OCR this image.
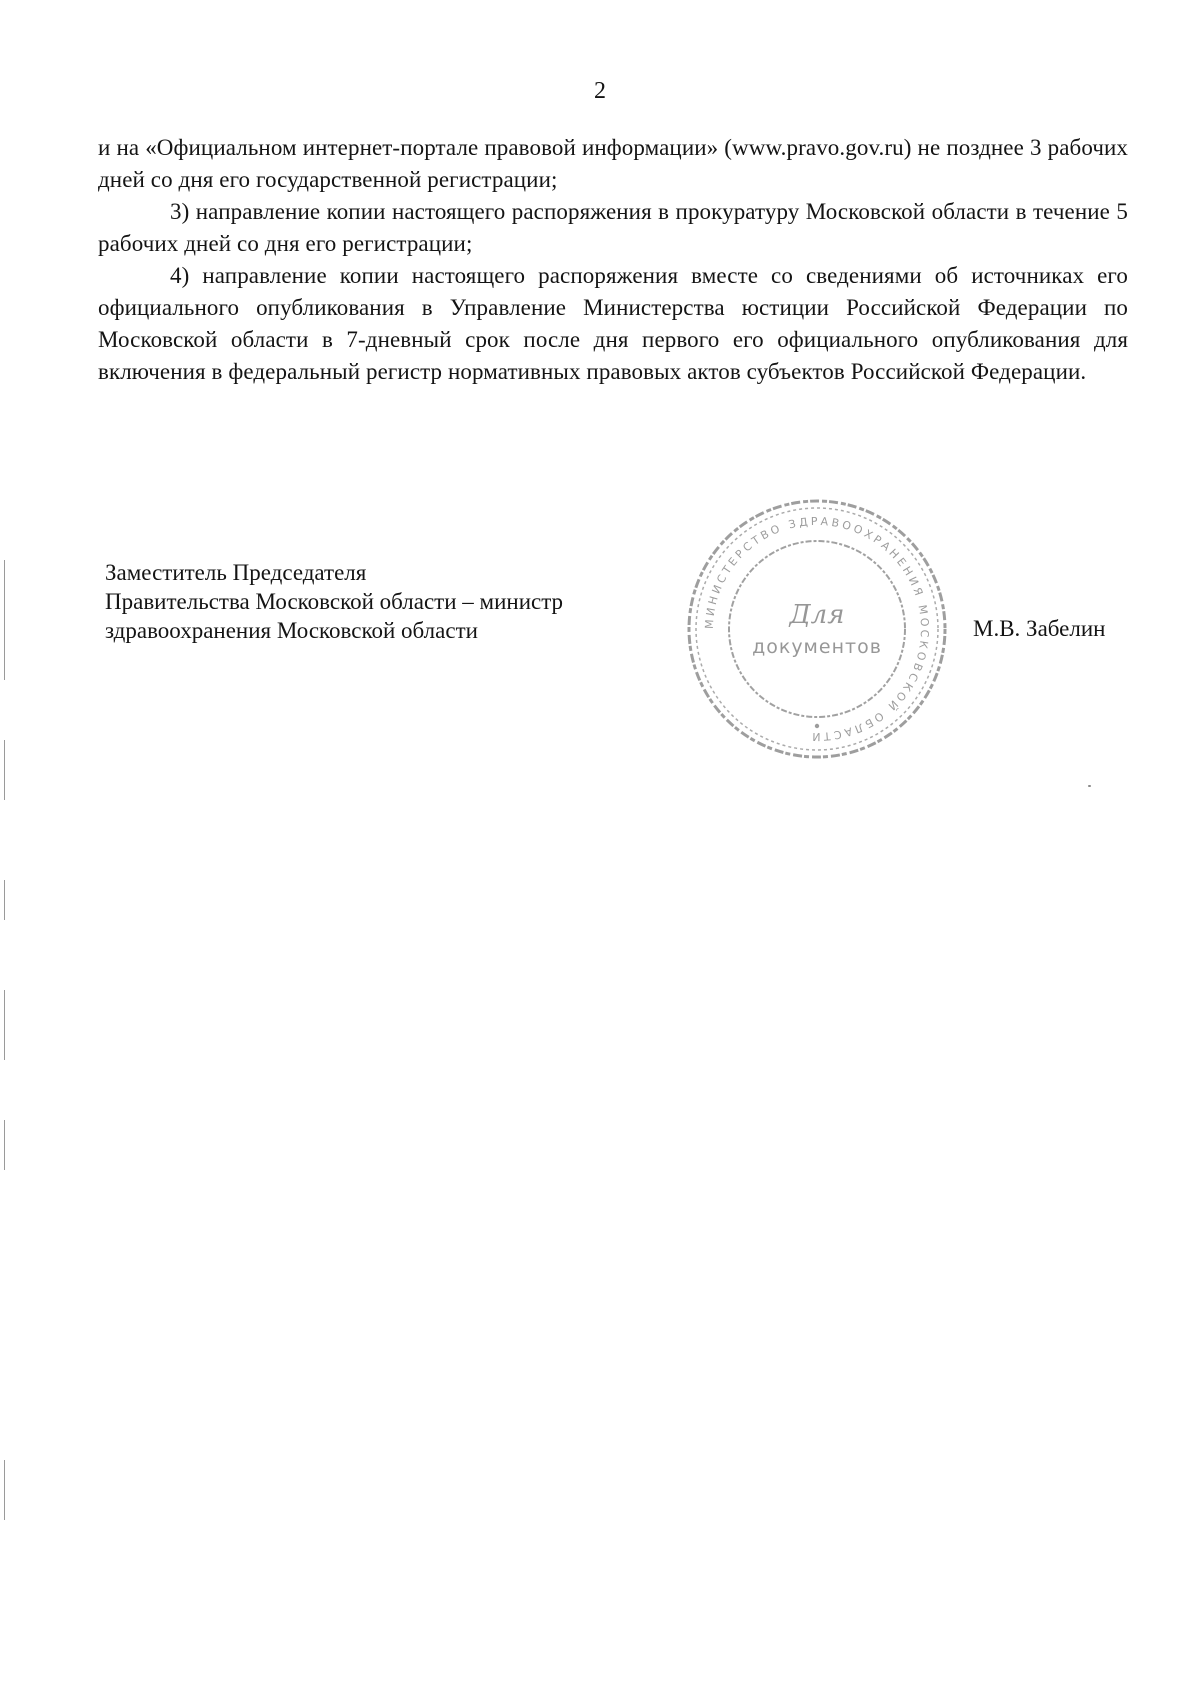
2

и на «Официальном интернет-портале правовой информации» (www.pravo.gov.ru) не позднее 3 рабочих дней со дня его государственной регистрации;

3) направление копии настоящего распоряжения в прокуратуру Московской области в течение 5 рабочих дней со дня его регистрации;

4) направление копии настоящего распоряжения вместе со сведениями об источниках его официального опубликования в Управление Министерства юстиции Российской Федерации по Московской области в 7-дневный срок после дня первого его официального опубликования для включения в федеральный регистр нормативных правовых актов субъектов Российской Федерации.

Заместитель Председателя
Правительства Московской области – министр
здравоохранения Московской области	МИНИСТЕРСТВО ЗДРАВООХРАНЕНИЯ МОСКОВСКОЙ ОБЛАСТИ
Для
документов
М.В. Забелин
